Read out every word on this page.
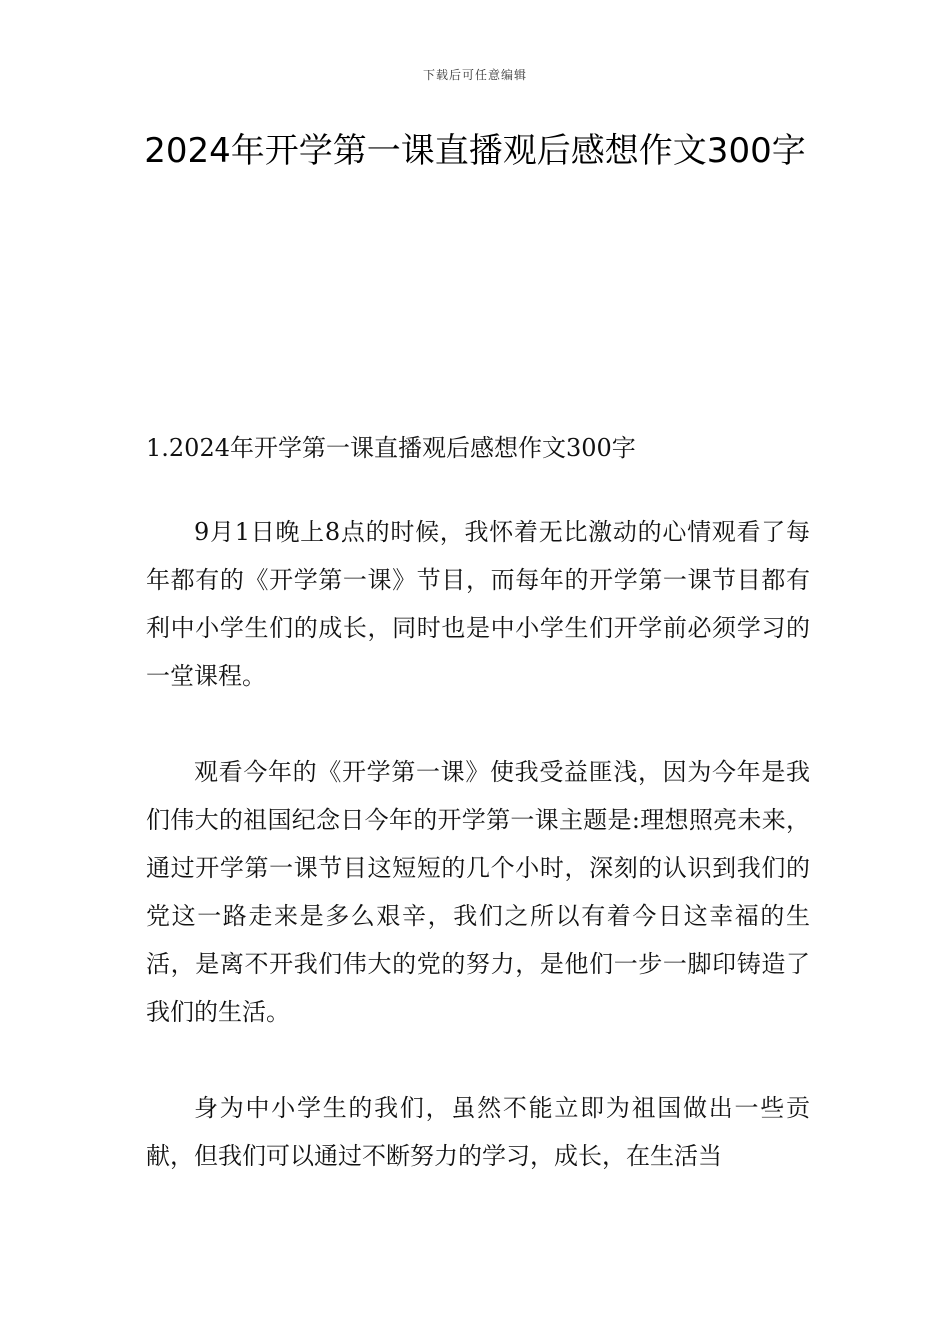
下载后可任意编辑
2024年开学第一课直播观后感想作文300字

1.2024年开学第一课直播观后感想作文300字

9月1日晚上8点的时候，我怀着无比激动的心情观看了每年都有的《开学第一课》节目，而每年的开学第一课节目都有利中小学生们的成长，同时也是中小学生们开学前必须学习的一堂课程。

观看今年的《开学第一课》使我受益匪浅，因为今年是我们伟大的祖国纪念日今年的开学第一课主题是:理想照亮未来，通过开学第一课节目这短短的几个小时，深刻的认识到我们的党这一路走来是多么艰辛，我们之所以有着今日这幸福的生活，是离不开我们伟大的党的努力，是他们一步一脚印铸造了我们的生活。

身为中小学生的我们，虽然不能立即为祖国做出一些贡献，但我们可以通过不断努力的学习，成长，在生活当
